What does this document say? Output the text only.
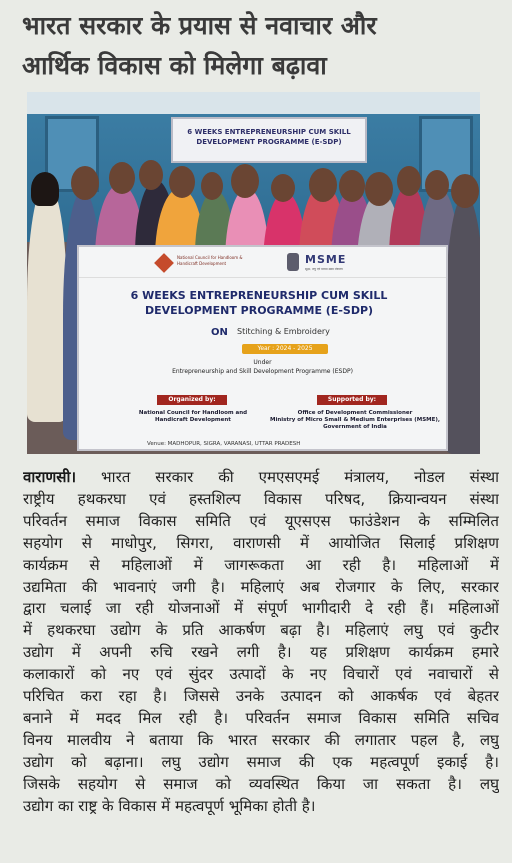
भारत सरकार के प्रयास से नवाचार और
आर्थिक विकास को मिलेगा बढ़ावा
6 WEEKS ENTREPRENEURSHIP CUM SKILL
DEVELOPMENT PROGRAMME (E-SDP)
National Council for Handloom & Handicraft Development	MSME
सूक्ष्म, लघु एवं मध्यम उद्यम मंत्रालय
6 WEEKS ENTREPRENEURSHIP CUM SKILL
DEVELOPMENT PROGRAMME (E-SDP)
ON Stitching & Embroidery
Year : 2024 - 2025
Under
Entrepreneurship and Skill Development Programme (ESDP)
Organized by:
National Council for Handloom and
Handicraft Development
Supported by:
Office of Development Commissioner
Ministry of Micro Small & Medium Enterprises (MSME),
Government of India
Venue: MADHOPUR, SIGRA, VARANASI, UTTAR PRADESH
वाराणसी। भारत सरकार की एमएसएमई मंत्रालय, नोडल संस्था
राष्ट्रीय हथकरघा एवं हस्तशिल्प विकास परिषद, क्रियान्वयन संस्था
परिवर्तन समाज विकास समिति एवं यूएसएस फाउंडेशन के सम्मिलित
सहयोग से माधोपुर, सिगरा, वाराणसी में आयोजित सिलाई प्रशिक्षण
कार्यक्रम से महिलाओं में जागरूकता आ रही है। महिलाओं में
उद्यमिता की भावनाएं जगी है। महिलाएं अब रोजगार के लिए, सरकार
द्वारा चलाई जा रही योजनाओं में संपूर्ण भागीदारी दे रही हैं। महिलाओं
में हथकरघा उद्योग के प्रति आकर्षण बढ़ा है। महिलाएं लघु एवं कुटीर
उद्योग में अपनी रुचि रखने लगी है। यह प्रशिक्षण कार्यक्रम हमारे
कलाकारों को नए एवं सुंदर उत्पादों के नए विचारों एवं नवाचारों से
परिचित करा रहा है। जिससे उनके उत्पादन को आकर्षक एवं बेहतर
बनाने में मदद मिल रही है। परिवर्तन समाज विकास समिति सचिव
विनय मालवीय ने बताया कि भारत सरकार की लगातार पहल है, लघु
उद्योग को बढ़ाना। लघु उद्योग समाज की एक महत्वपूर्ण इकाई है।
जिसके सहयोग से समाज को व्यवस्थित किया जा सकता है। लघु
उद्योग का राष्ट्र के विकास में महत्वपूर्ण भूमिका होती है।
